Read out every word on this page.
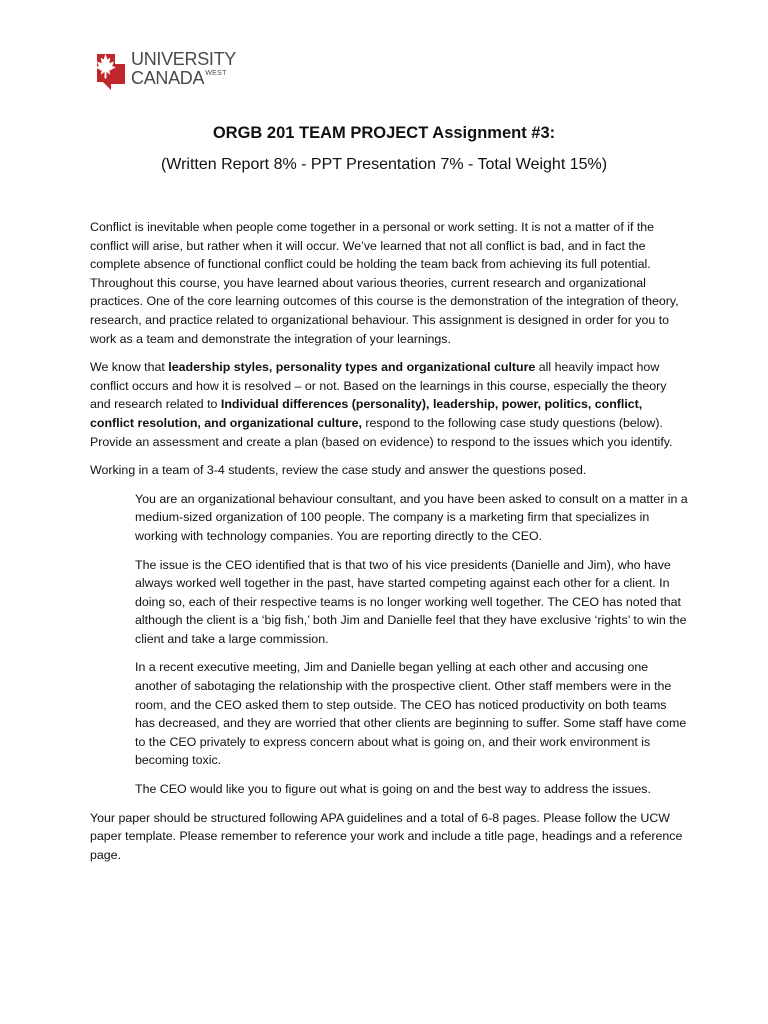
UNIVERSITY
$CANADA^{WEST}$
ORGB 201 TEAM PROJECT Assignment #3:
(Written Report 8% - PPT Presentation 7% - Total Weight 15%)

Conflict is inevitable when people come together in a personal or work setting. It is not a matter of if the conflict will arise, but rather when it will occur. We’ve learned that not all conflict is bad, and in fact the complete absence of functional conflict could be holding the team back from achieving its full potential. Throughout this course, you have learned about various theories, current research and organizational practices. One of the core learning outcomes of this course is the demonstration of the integration of theory, research, and practice related to organizational behaviour. This assignment is designed in order for you to work as a team and demonstrate the integration of your learnings.

We know that leadership styles, personality types and organizational culture all heavily impact how conflict occurs and how it is resolved – or not. Based on the learnings in this course, especially the theory and research related to Individual differences (personality), leadership, power, politics, conflict, conflict resolution, and organizational culture, respond to the following case study questions (below). Provide an assessment and create a plan (based on evidence) to respond to the issues which you identify.

Working in a team of 3-4 students, review the case study and answer the questions posed.

You are an organizational behaviour consultant, and you have been asked to consult on a matter in a medium-sized organization of 100 people. The company is a marketing firm that specializes in working with technology companies. You are reporting directly to the CEO.

The issue is the CEO identified that is that two of his vice presidents (Danielle and Jim), who have always worked well together in the past, have started competing against each other for a client. In doing so, each of their respective teams is no longer working well together. The CEO has noted that although the client is a ‘big fish,’ both Jim and Danielle feel that they have exclusive ‘rights’ to win the client and take a large commission.

In a recent executive meeting, Jim and Danielle began yelling at each other and accusing one another of sabotaging the relationship with the prospective client. Other staff members were in the room, and the CEO asked them to step outside. The CEO has noticed productivity on both teams has decreased, and they are worried that other clients are beginning to suffer. Some staff have come to the CEO privately to express concern about what is going on, and their work environment is becoming toxic.

The CEO would like you to figure out what is going on and the best way to address the issues.

Your paper should be structured following APA guidelines and a total of 6-8 pages. Please follow the UCW paper template. Please remember to reference your work and include a title page, headings and a reference page.
